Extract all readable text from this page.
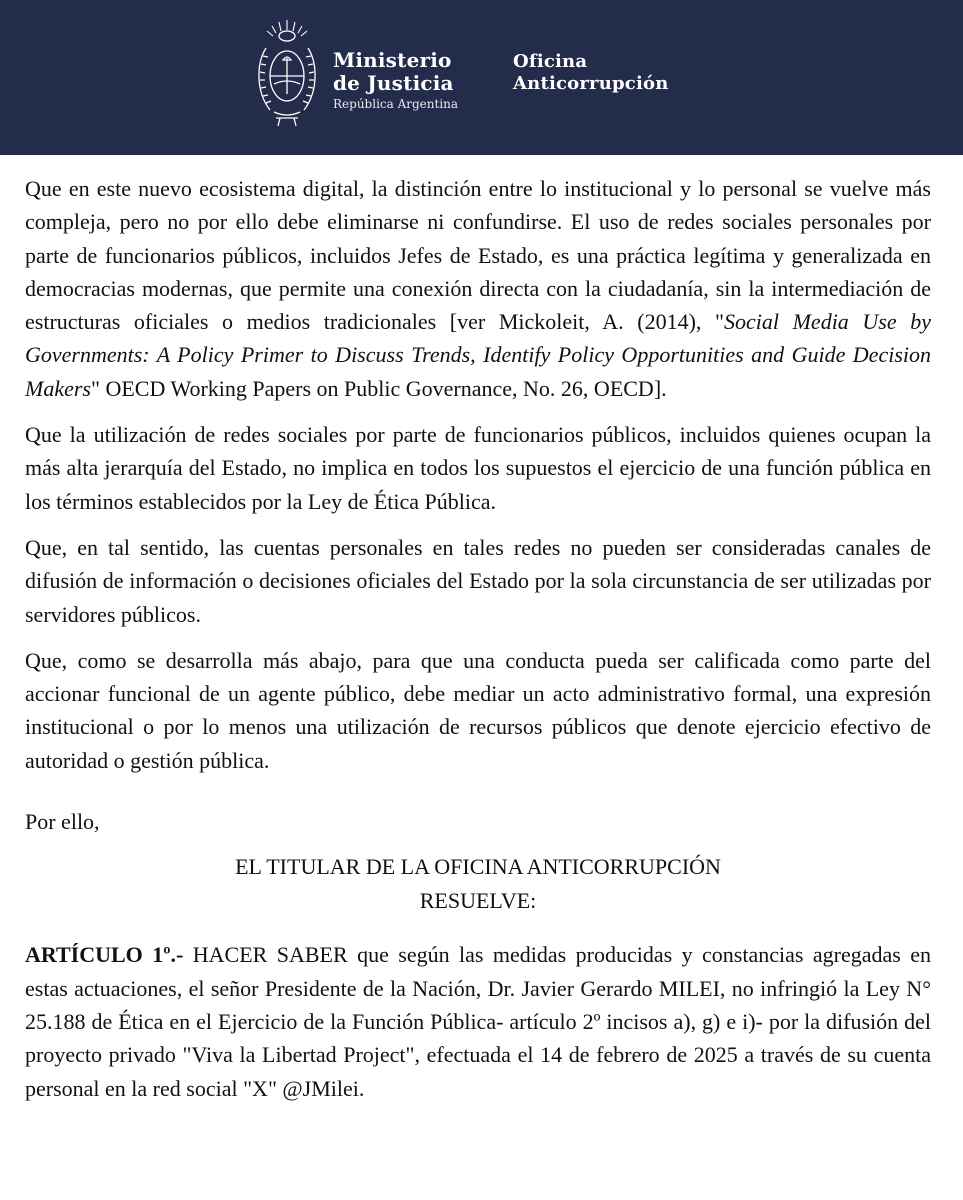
Ministerio
de Justicia
República Argentina
Oficina
Anticorrupción

Que en este nuevo ecosistema digital, la distinción entre lo institucional y lo personal se vuelve más compleja, pero no por ello debe eliminarse ni confundirse. El uso de redes sociales personales por parte de funcionarios públicos, incluidos Jefes de Estado, es una práctica legítima y generalizada en democracias modernas, que permite una conexión directa con la ciudadanía, sin la intermediación de estructuras oficiales o medios tradicionales [ver Mickoleit, A. (2014), "Social Media Use by Governments: A Policy Primer to Discuss Trends, Identify Policy Opportunities and Guide Decision Makers" OECD Working Papers on Public Governance, No. 26, OECD].

Que la utilización de redes sociales por parte de funcionarios públicos, incluidos quienes ocupan la más alta jerarquía del Estado, no implica en todos los supuestos el ejercicio de una función pública en los términos establecidos por la Ley de Ética Pública.

Que, en tal sentido, las cuentas personales en tales redes no pueden ser consideradas canales de difusión de información o decisiones oficiales del Estado por la sola circunstancia de ser utilizadas por servidores públicos.

Que, como se desarrolla más abajo, para que una conducta pueda ser calificada como parte del accionar funcional de un agente público, debe mediar un acto administrativo formal, una expresión institucional o por lo menos una utilización de recursos públicos que denote ejercicio efectivo de autoridad o gestión pública.

Por ello,

EL TITULAR DE LA OFICINA ANTICORRUPCIÓN
RESUELVE:

ARTÍCULO 1º.- HACER SABER que según las medidas producidas y constancias agregadas en estas actuaciones, el señor Presidente de la Nación, Dr. Javier Gerardo MILEI, no infringió la Ley N° 25.188 de Ética en el Ejercicio de la Función Pública- artículo 2º incisos a), g) e i)- por la difusión del proyecto privado "Viva la Libertad Project", efectuada el 14 de febrero de 2025 a través de su cuenta personal en la red social "X" @JMilei.
